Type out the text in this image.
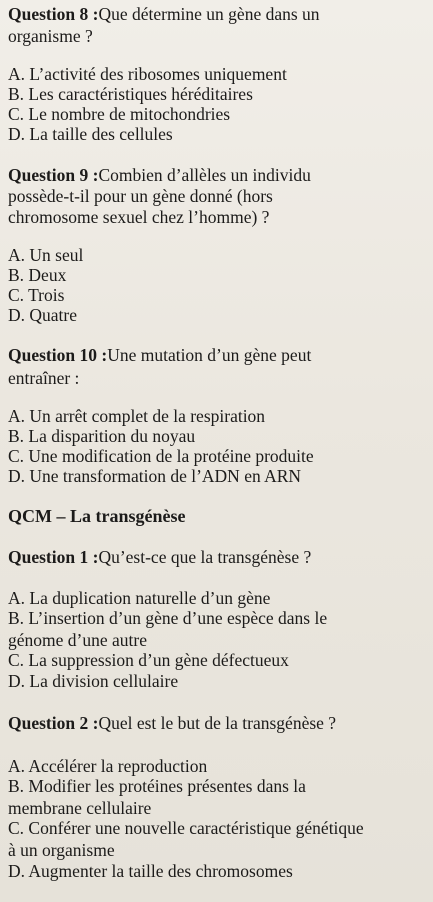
Question 8 :Que détermine un gène dans un
organisme ?
A. L’activité des ribosomes uniquement
B. Les caractéristiques héréditaires
C. Le nombre de mitochondries
D. La taille des cellules
Question 9 :Combien d’allèles un individu
possède-t-il pour un gène donné (hors
chromosome sexuel chez l’homme) ?
A. Un seul
B. Deux
C. Trois
D. Quatre
Question 10 :Une mutation d’un gène peut
entraîner :
A. Un arrêt complet de la respiration
B. La disparition du noyau
C. Une modification de la protéine produite
D. Une transformation de l’ADN en ARN
QCM – La transgénèse
Question 1 :Qu’est-ce que la transgénèse ?
A. La duplication naturelle d’un gène
B. L’insertion d’un gène d’une espèce dans le
génome d’une autre
C. La suppression d’un gène défectueux
D. La division cellulaire
Question 2 :Quel est le but de la transgénèse ?
A. Accélérer la reproduction
B. Modifier les protéines présentes dans la
membrane cellulaire
C. Conférer une nouvelle caractéristique génétique
à un organisme
D. Augmenter la taille des chromosomes
